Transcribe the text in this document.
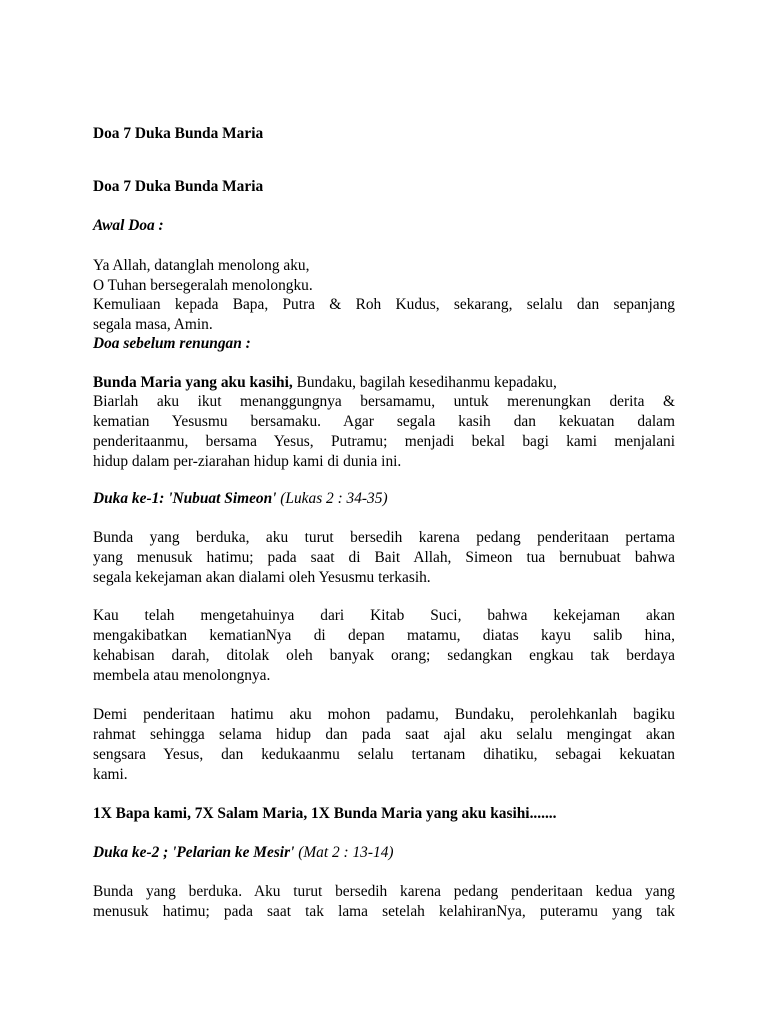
Doa 7 Duka Bunda Maria
Doa 7 Duka Bunda Maria
Awal Doa :
Ya Allah, datanglah menolong aku,
O Tuhan bersegeralah menolongku.
Kemuliaan kepada Bapa, Putra & Roh Kudus, sekarang, selalu dan sepanjang
segala masa, Amin.
Doa sebelum renungan :
Bunda Maria yang aku kasihi, Bundaku, bagilah kesedihanmu kepadaku,
Biarlah aku ikut menanggungnya bersamamu, untuk merenungkan derita &
kematian Yesusmu bersamaku. Agar segala kasih dan kekuatan dalam
penderitaanmu, bersama Yesus, Putramu; menjadi bekal bagi kami menjalani
hidup dalam per-ziarahan hidup kami di dunia ini.
Duka ke-1: 'Nubuat Simeon' (Lukas 2 : 34-35)
Bunda yang berduka, aku turut bersedih karena pedang penderitaan pertama
yang menusuk hatimu; pada saat di Bait Allah, Simeon tua bernubuat bahwa
segala kekejaman akan dialami oleh Yesusmu terkasih.
Kau telah mengetahuinya dari Kitab Suci, bahwa kekejaman akan
mengakibatkan kematianNya di depan matamu, diatas kayu salib hina,
kehabisan darah, ditolak oleh banyak orang; sedangkan engkau tak berdaya
membela atau menolongnya.
Demi penderitaan hatimu aku mohon padamu, Bundaku, perolehkanlah bagiku
rahmat sehingga selama hidup dan pada saat ajal aku selalu mengingat akan
sengsara Yesus, dan kedukaanmu selalu tertanam dihatiku, sebagai kekuatan
kami.
1X Bapa kami, 7X Salam Maria, 1X Bunda Maria yang aku kasihi.......
Duka ke-2 ; 'Pelarian ke Mesir' (Mat 2 : 13-14)
Bunda yang berduka. Aku turut bersedih karena pedang penderitaan kedua yang
menusuk hatimu; pada saat tak lama setelah kelahiranNya, puteramu yang tak
